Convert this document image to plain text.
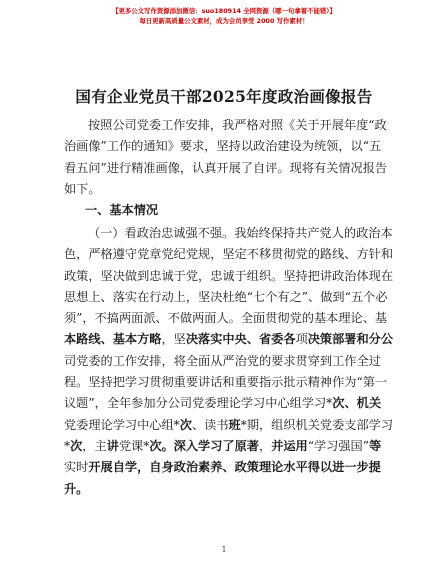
【更多公文写作资源添加微信：suo180914 全网资源（哪一句拿着不能错）】
每日更新高质量公文素材，成为会员享受 2000 写作素材！
国有企业党员干部2025年度政治画像报告
按照公司党委工作安排，我严格对照《关于开展年度“政
治画像”工作的通知》要求，坚持以政治建设为统领，以“五
看五问”进行精准画像，认真开展了自评。现将有关情况报告
如下。
一、基本情况
（一）看政治忠诚强不强。我始终保持共产党人的政治本
色，严格遵守党章党纪党规，坚定不移贯彻党的路线、方针和
政策，坚决做到忠诚于党，忠诚于组织。坚持把讲政治体现在
思想上、落实在行动上，坚决杜绝“七个有之”、做到“五个必
须”，不搞两面派、不做两面人。全面贯彻党的基本理论、基
本路线、基本方略，坚决落实中央、省委各项决策部署和分公
司党委的工作安排，将全面从严治党的要求贯穿到工作全过
程。坚持把学习贯彻重要讲话和重要指示批示精神作为“第一
议题”，全年参加分公司党委理论学习中心组学习*次、机关
党委理论学习中心组*次、读书班*期，组织机关党委支部学习
*次，主讲党课*次。深入学习了原著，并运用“学习强国”等
实时开展自学，自身政治素养、政策理论水平得以进一步提
升。
1
